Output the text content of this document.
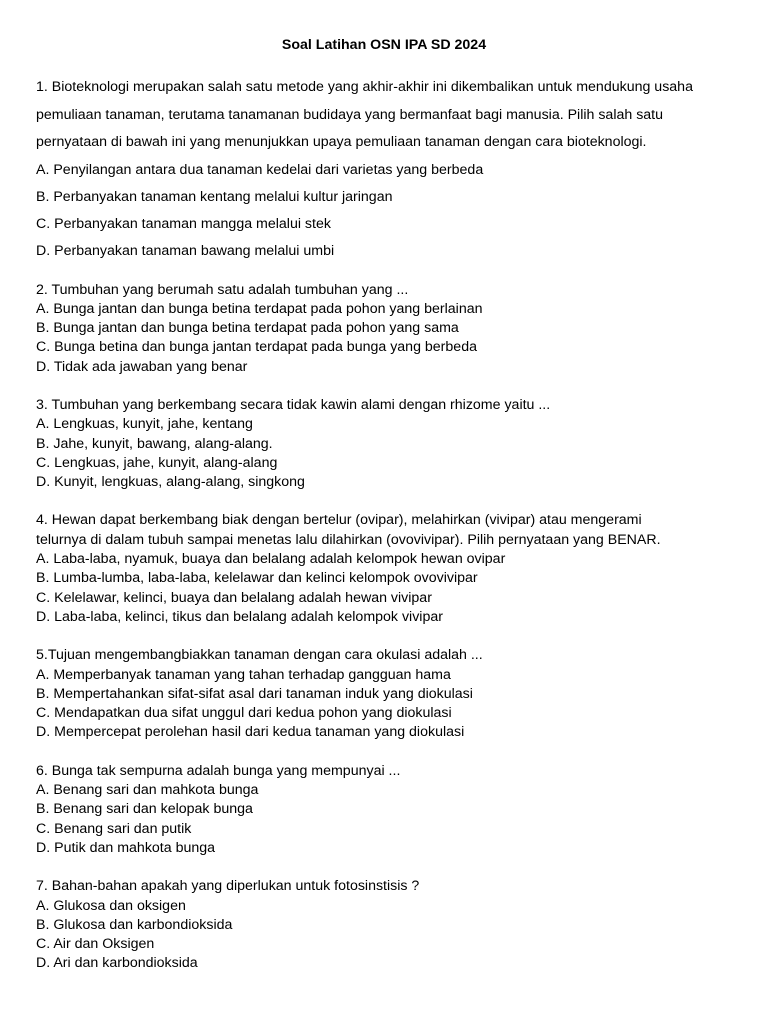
Soal Latihan OSN IPA SD 2024
1. Bioteknologi merupakan salah satu metode yang akhir-akhir ini dikembalikan untuk mendukung usaha
pemuliaan tanaman, terutama tanamanan budidaya yang bermanfaat bagi manusia. Pilih salah satu
pernyataan di bawah ini yang menunjukkan upaya pemuliaan tanaman dengan cara bioteknologi.
A. Penyilangan antara dua tanaman kedelai dari varietas yang berbeda
B. Perbanyakan tanaman kentang melalui kultur jaringan
C. Perbanyakan tanaman mangga melalui stek
D. Perbanyakan tanaman bawang melalui umbi
2. Tumbuhan yang berumah satu adalah tumbuhan yang ...
A. Bunga jantan dan bunga betina terdapat pada pohon yang berlainan
B. Bunga jantan dan bunga betina terdapat pada pohon yang sama
C. Bunga betina dan bunga jantan terdapat pada bunga yang berbeda
D. Tidak ada jawaban yang benar
3. Tumbuhan yang berkembang secara tidak kawin alami dengan rhizome yaitu ...
A. Lengkuas, kunyit, jahe, kentang
B. Jahe, kunyit, bawang, alang-alang.
C. Lengkuas, jahe, kunyit, alang-alang
D. Kunyit, lengkuas, alang-alang, singkong
4. Hewan dapat berkembang biak dengan bertelur (ovipar), melahirkan (vivipar) atau mengerami
telurnya di dalam tubuh sampai menetas lalu dilahirkan (ovovivipar). Pilih pernyataan yang BENAR.
A. Laba-laba, nyamuk, buaya dan belalang adalah kelompok hewan ovipar
B. Lumba-lumba, laba-laba, kelelawar dan kelinci kelompok ovovivipar
C. Kelelawar, kelinci, buaya dan belalang adalah hewan vivipar
D. Laba-laba, kelinci, tikus dan belalang adalah kelompok vivipar
5.Tujuan mengembangbiakkan tanaman dengan cara okulasi adalah ...
A. Memperbanyak tanaman yang tahan terhadap gangguan hama
B. Mempertahankan sifat-sifat asal dari tanaman induk yang diokulasi
C. Mendapatkan dua sifat unggul dari kedua pohon yang diokulasi
D. Mempercepat perolehan hasil dari kedua tanaman yang diokulasi
6. Bunga tak sempurna adalah bunga yang mempunyai ...
A. Benang sari dan mahkota bunga
B. Benang sari dan kelopak bunga
C. Benang sari dan putik
D. Putik dan mahkota bunga
7. Bahan-bahan apakah yang diperlukan untuk fotosinstisis ?
A. Glukosa dan oksigen
B. Glukosa dan karbondioksida
C. Air dan Oksigen
D. Ari dan karbondioksida
